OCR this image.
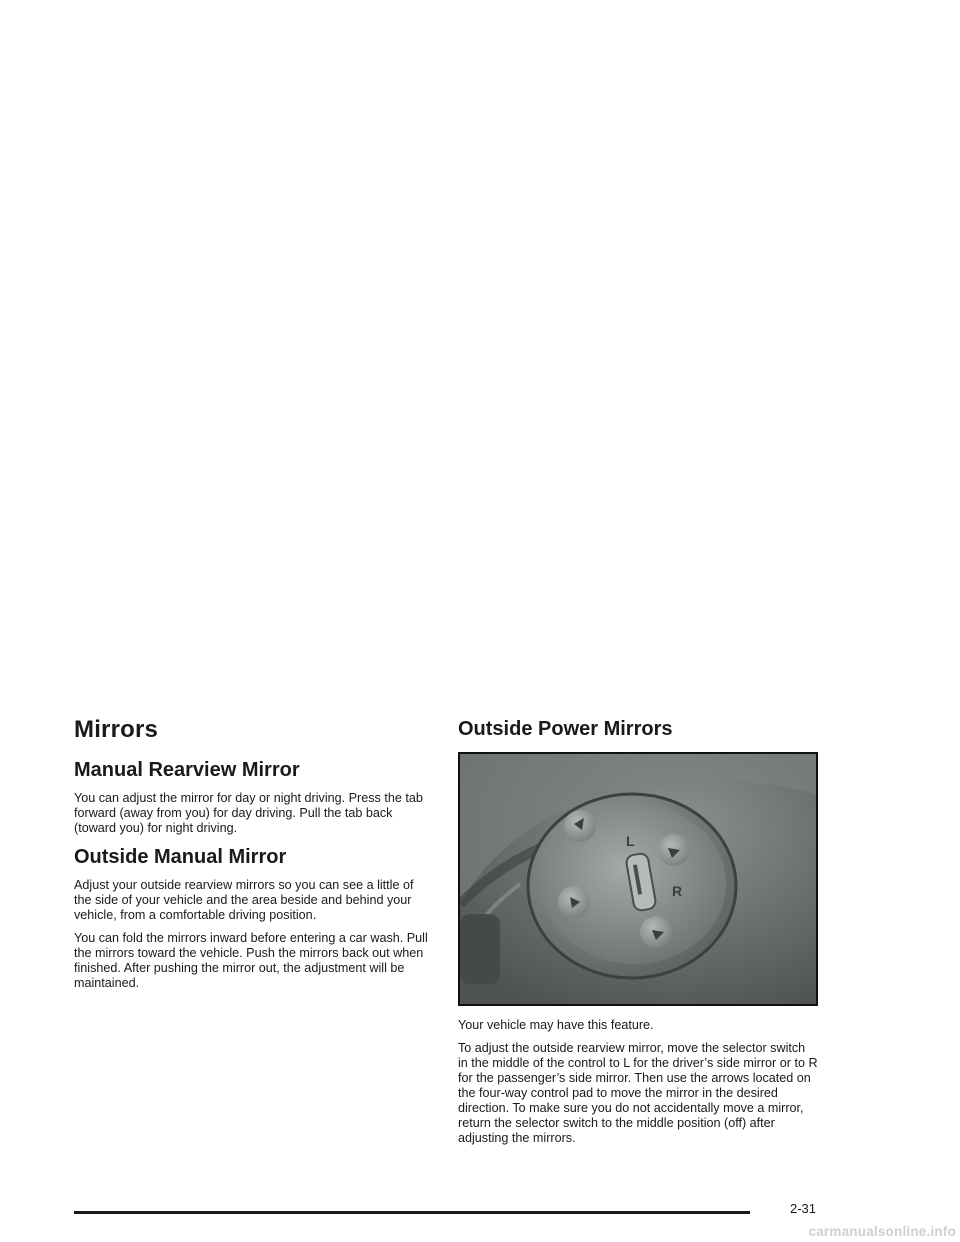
Mirrors
Manual Rearview Mirror

You can adjust the mirror for day or night driving. Press the tab forward (away from you) for day driving. Pull the tab back (toward you) for night driving.

Outside Manual Mirror

Adjust your outside rearview mirrors so you can see a little of the side of your vehicle and the area beside and behind your vehicle, from a comfortable driving position.

You can fold the mirrors inward before entering a car wash. Pull the mirrors toward the vehicle. Push the mirrors back out when finished. After pushing the mirror out, the adjustment will be maintained.

Outside Power Mirrors
L
R

Your vehicle may have this feature.

To adjust the outside rearview mirror, move the selector switch in the middle of the control to L for the driver’s side mirror or to R for the passenger’s side mirror. Then use the arrows located on the four-way control pad to move the mirror in the desired direction. To make sure you do not accidentally move a mirror, return the selector switch to the middle position (off) after adjusting the mirrors.

2-31
carmanualsonline.info
